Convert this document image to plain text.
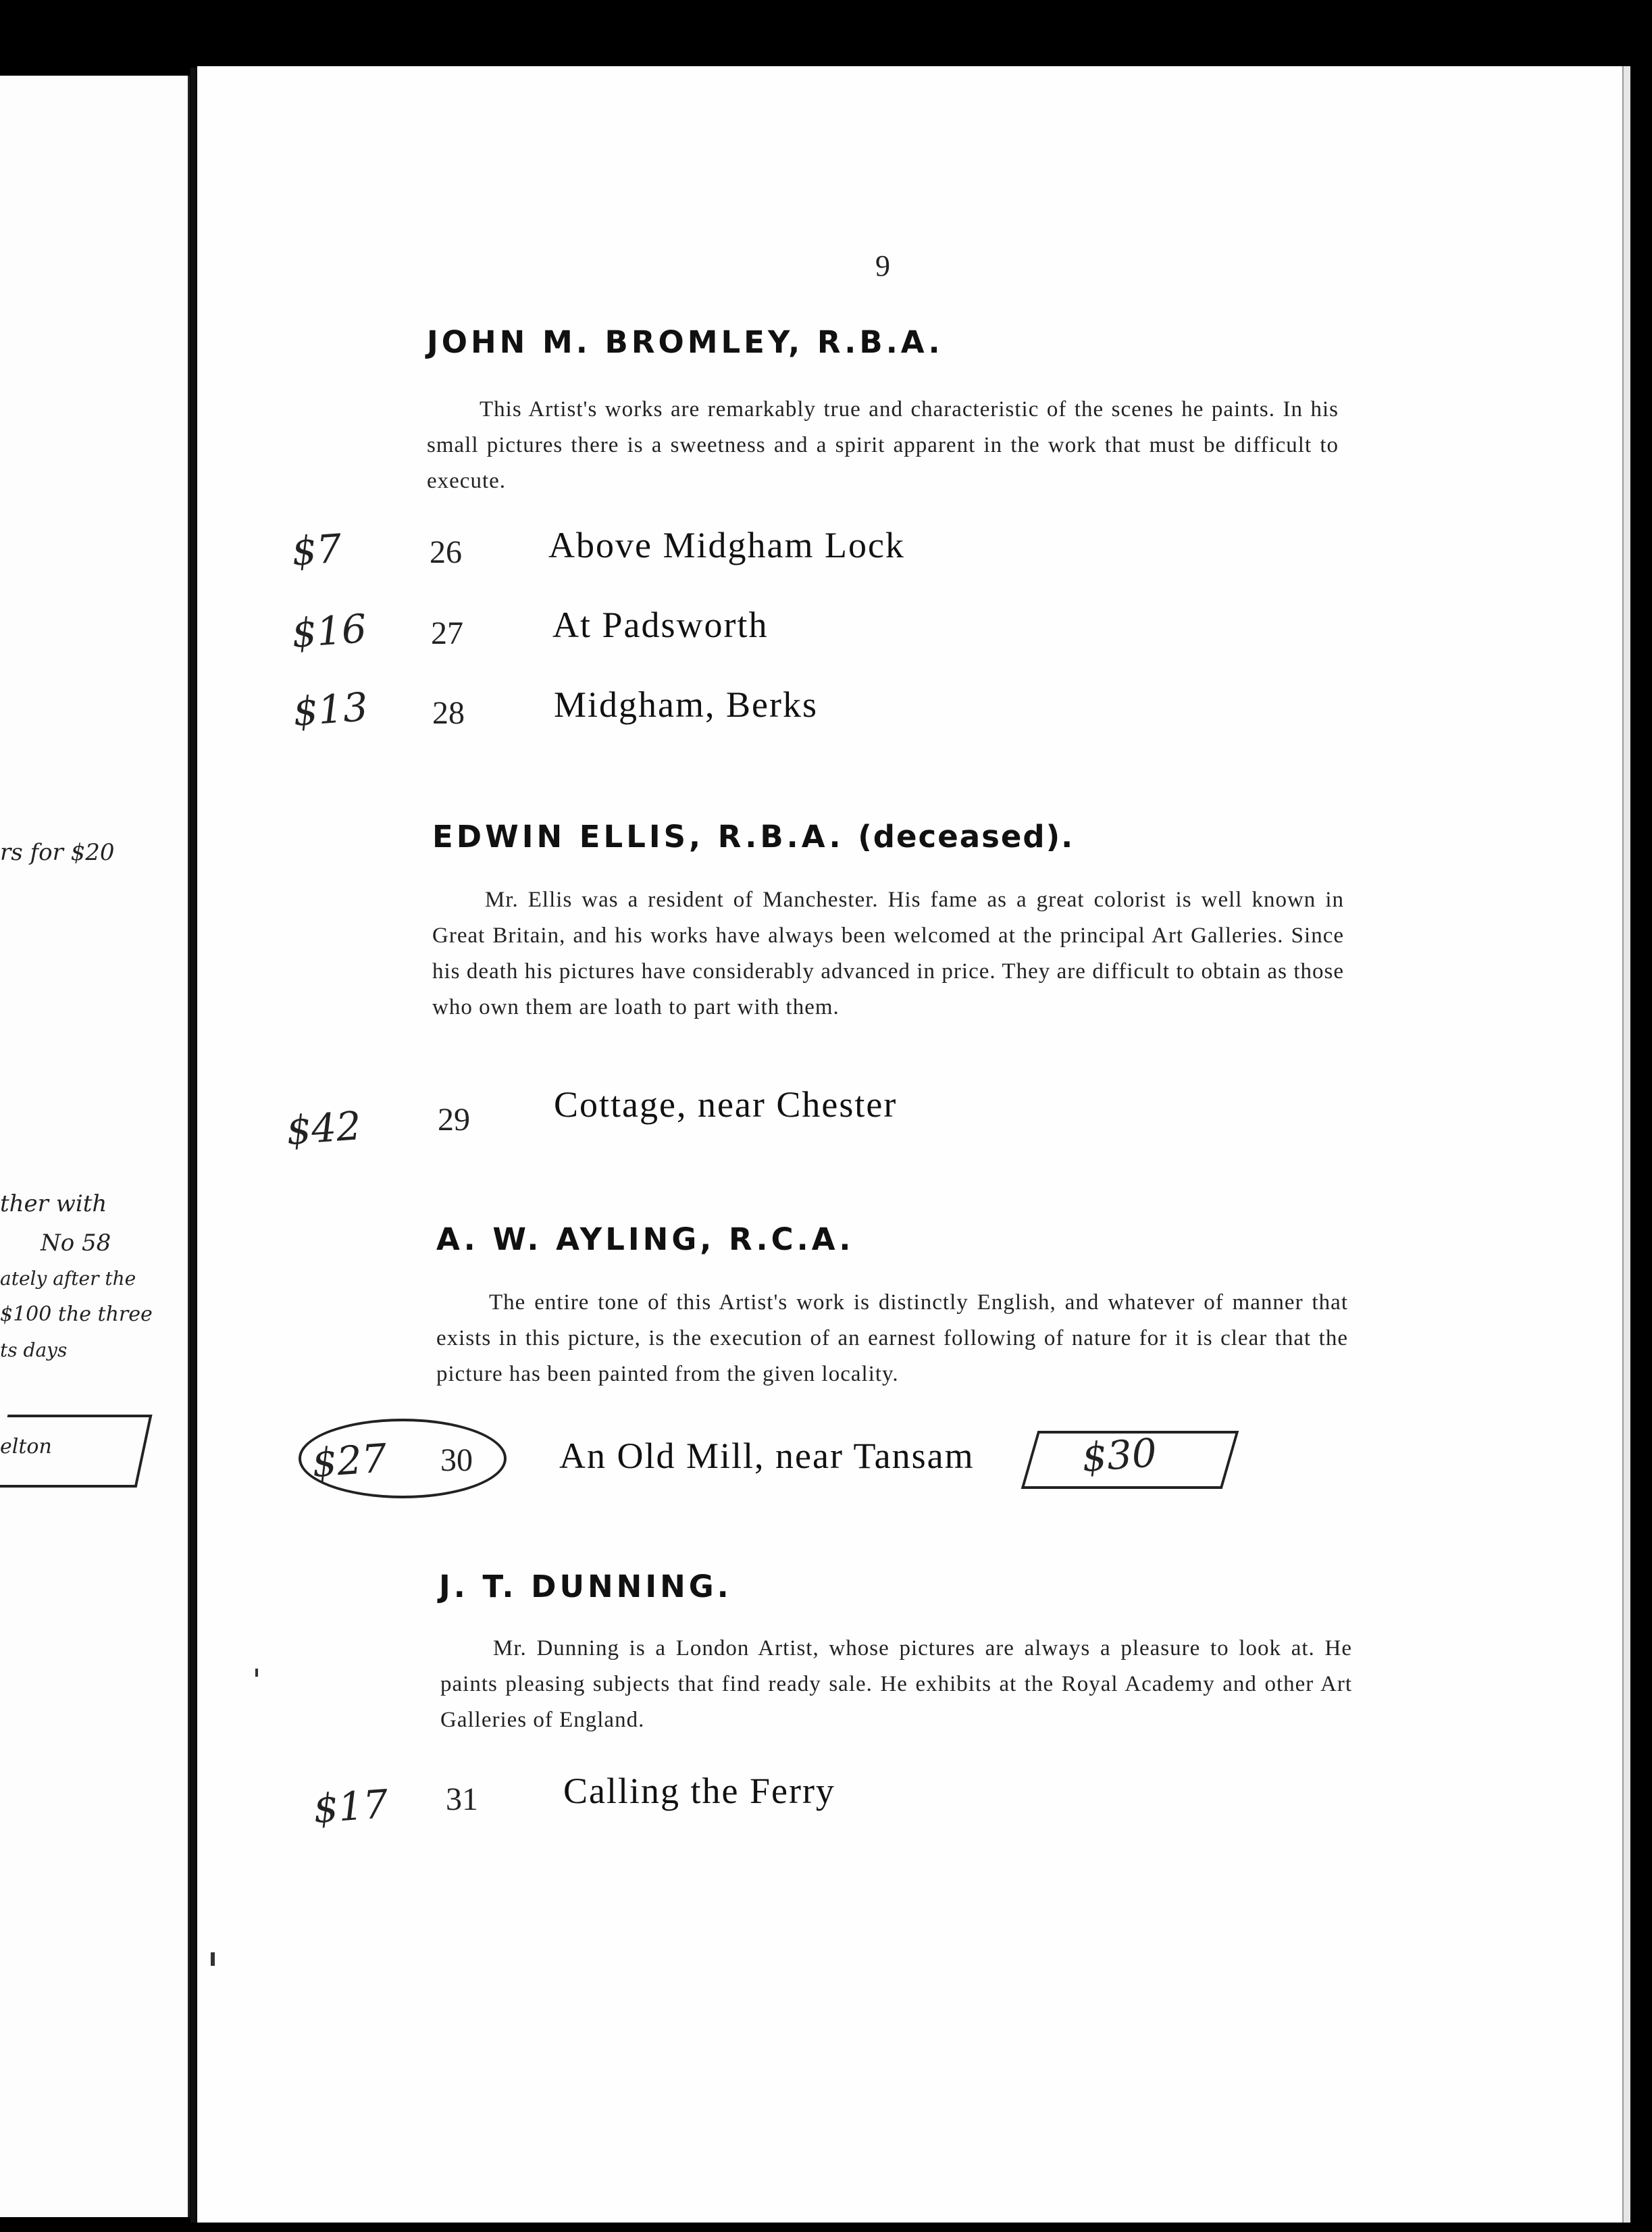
rs for $20
ther with
No 58
ately after the
$100 the three
ts days
elton
9
JOHN M. BROMLEY, R.B.A.
This Artist's works are remarkably true and characteristic of the scenes he paints. In his small pictures there is a sweetness and a spirit apparent in the work that must be difficult to execute.
$7	26 Above Midgham Lock
$16 27 At Padsworth
$13 28 Midgham, Berks
EDWIN ELLIS, R.B.A. (deceased).
Mr. Ellis was a resident of Manchester. His fame as a great colorist is well known in Great Britain, and his works have always been welcomed at the principal Art Galleries. Since his death his pictures have considerably advanced in price. They are difficult to obtain as those who own them are loath to part with them.
$42 29 Cottage, near Chester
A. W. AYLING, R.C.A.
The entire tone of this Artist's work is distinctly English, and whatever of manner that exists in this picture, is the execution of an earnest following of nature for it is clear that the picture has been painted from the given locality.
$27 30 An Old Mill, near Tansam	$30
J. T. DUNNING.
Mr. Dunning is a London Artist, whose pictures are always a pleasure to look at. He paints pleasing subjects that find ready sale. He exhibits at the Royal Academy and other Art Galleries of England.
$17 31 Calling the Ferry
